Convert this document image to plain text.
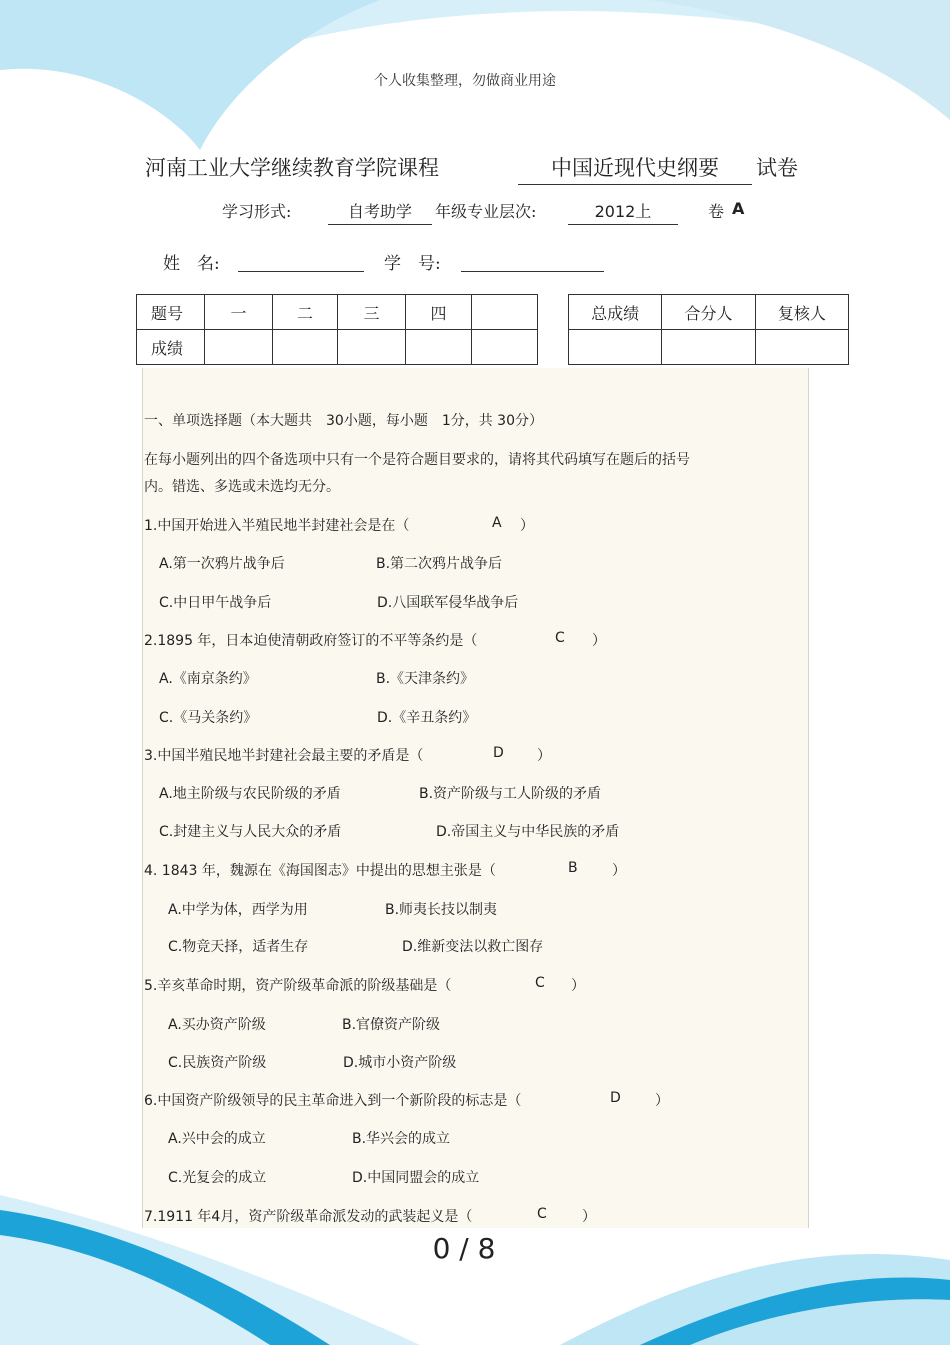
个人收集整理，勿做商业用途
河南工业大学继续教育学院课程	中国近现代史纲要	试卷
学习形式:	自考助学	年级专业层次:	2012上	卷 A
姓　名:	学　号:
题号	一	二	三	四	
成绩					
总成绩	合分人	复核人

一、单项选择题（本大题共　30小题，每小题　1分，共 30分）
在每小题列出的四个备选项中只有一个是符合题目要求的，请将其代码填写在题后的括号
内。错选、多选或未选均无分。
1.中国开始进入半殖民地半封建社会是在（	A ）
A.第一次鸦片战争后	B.第二次鸦片战争后
C.中日甲午战争后	D.八国联军侵华战争后
2.1895 年，日本迫使清朝政府签订的不平等条约是（	C ）
A.《南京条约》	B.《天津条约》
C.《马关条约》	D.《辛丑条约》
3.中国半殖民地半封建社会最主要的矛盾是（	D ）
A.地主阶级与农民阶级的矛盾	B.资产阶级与工人阶级的矛盾
C.封建主义与人民大众的矛盾	D.帝国主义与中华民族的矛盾
4. 1843 年，魏源在《海国图志》中提出的思想主张是（	B ）
A.中学为体，西学为用	B.师夷长技以制夷
C.物竞天择，适者生存	D.维新变法以救亡图存
5.辛亥革命时期，资产阶级革命派的阶级基础是（	C ）
A.买办资产阶级	B.官僚资产阶级
C.民族资产阶级	D.城市小资产阶级
6.中国资产阶级领导的民主革命进入到一个新阶段的标志是（	D ）
A.兴中会的成立	B.华兴会的成立
C.光复会的成立	D.中国同盟会的成立
7.1911 年4月，资产阶级革命派发动的武装起义是（	C	）
0 / 8
